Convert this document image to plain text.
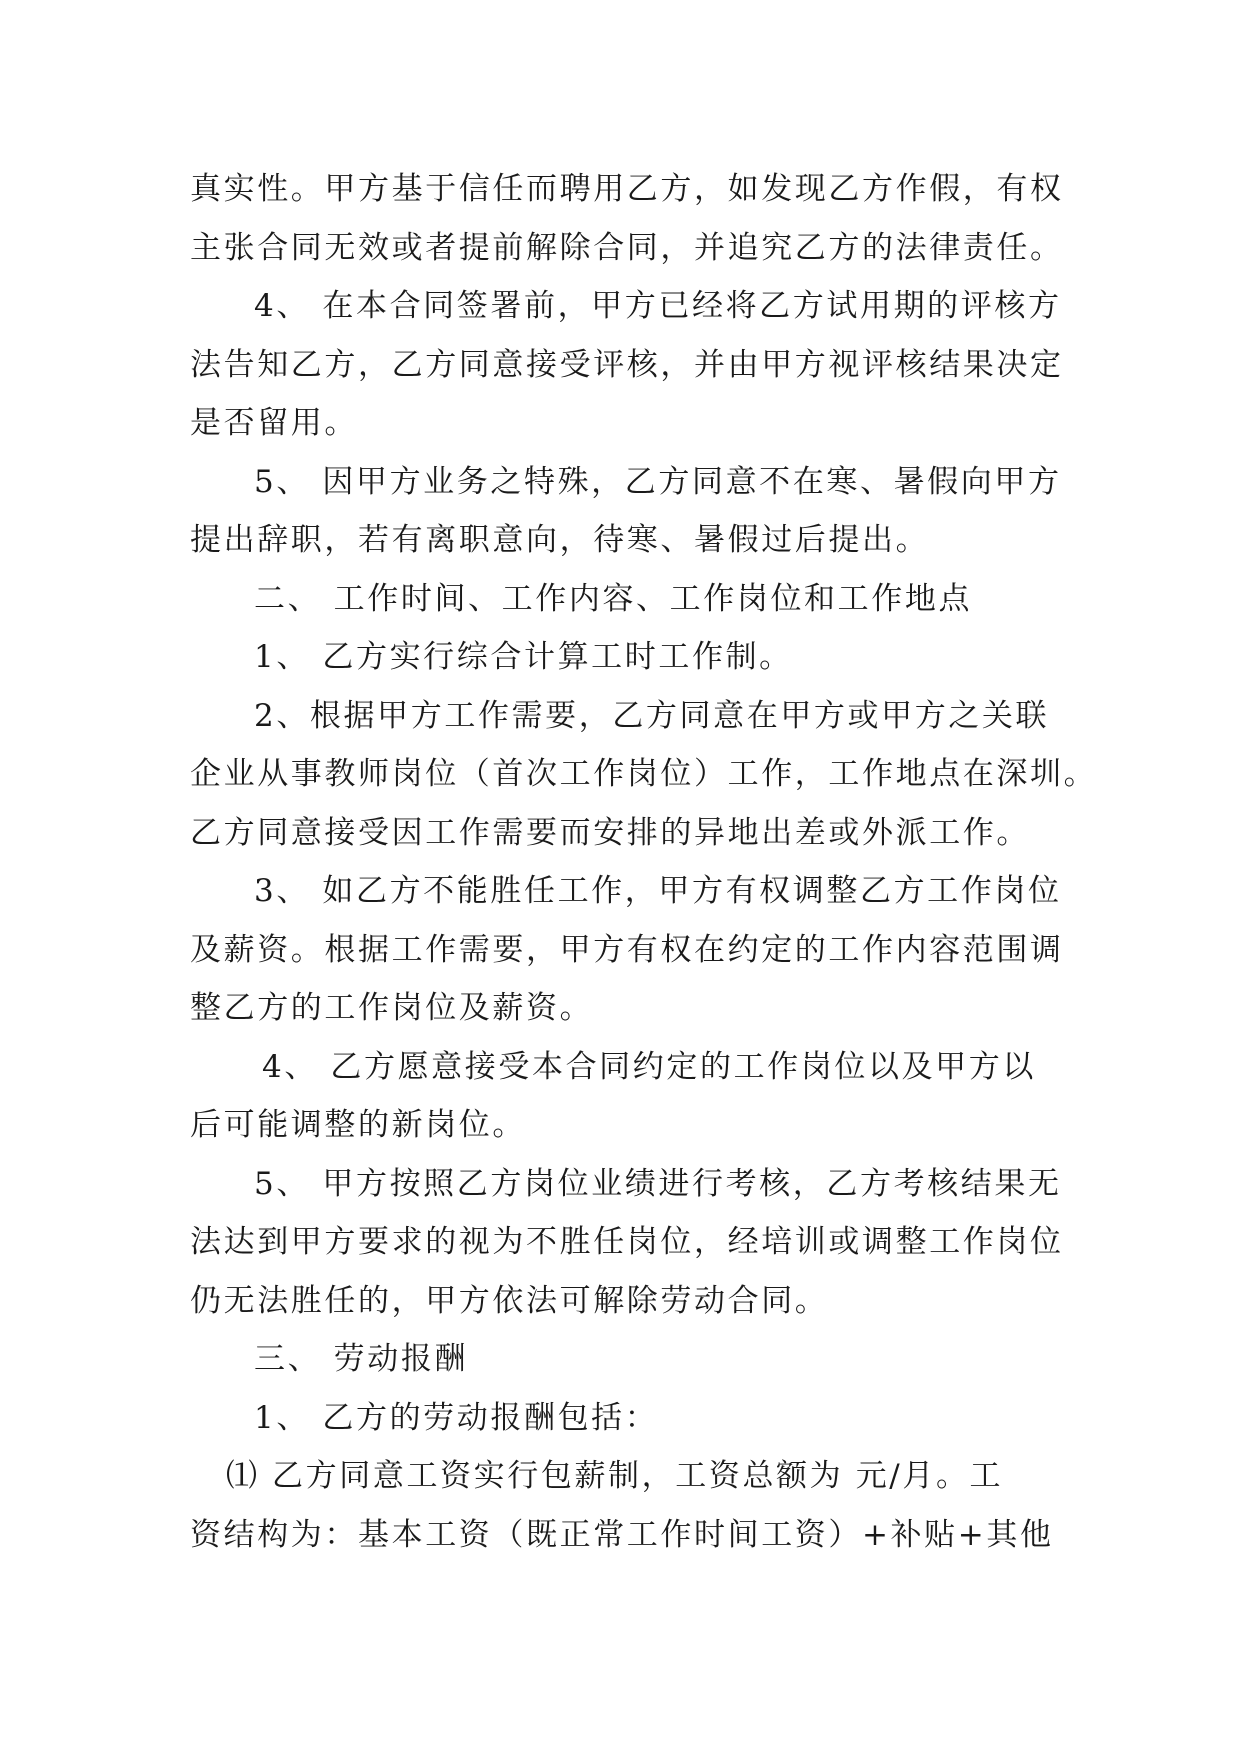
真实性。甲方基于信任而聘用乙方，如发现乙方作假，有权
主张合同无效或者提前解除合同，并追究乙方的法律责任。
4、 在本合同签署前，甲方已经将乙方试用期的评核方
法告知乙方，乙方同意接受评核，并由甲方视评核结果决定
是否留用。
5、 因甲方业务之特殊，乙方同意不在寒、暑假向甲方
提出辞职，若有离职意向，待寒、暑假过后提出。
二、 工作时间、工作内容、工作岗位和工作地点
1、 乙方实行综合计算工时工作制。
2、根据甲方工作需要，乙方同意在甲方或甲方之关联
企业从事教师岗位（首次工作岗位）工作，工作地点在深圳。
乙方同意接受因工作需要而安排的异地出差或外派工作。
3、 如乙方不能胜任工作，甲方有权调整乙方工作岗位
及薪资。根据工作需要，甲方有权在约定的工作内容范围调
整乙方的工作岗位及薪资。
4、 乙方愿意接受本合同约定的工作岗位以及甲方以
后可能调整的新岗位。
5、 甲方按照乙方岗位业绩进行考核，乙方考核结果无
法达到甲方要求的视为不胜任岗位，经培训或调整工作岗位
仍无法胜任的，甲方依法可解除劳动合同。
三、 劳动报酬
1、 乙方的劳动报酬包括：
⑴ 乙方同意工资实行包薪制，工资总额为 元/月。工
资结构为：基本工资（既正常工作时间工资）+补贴+其他
